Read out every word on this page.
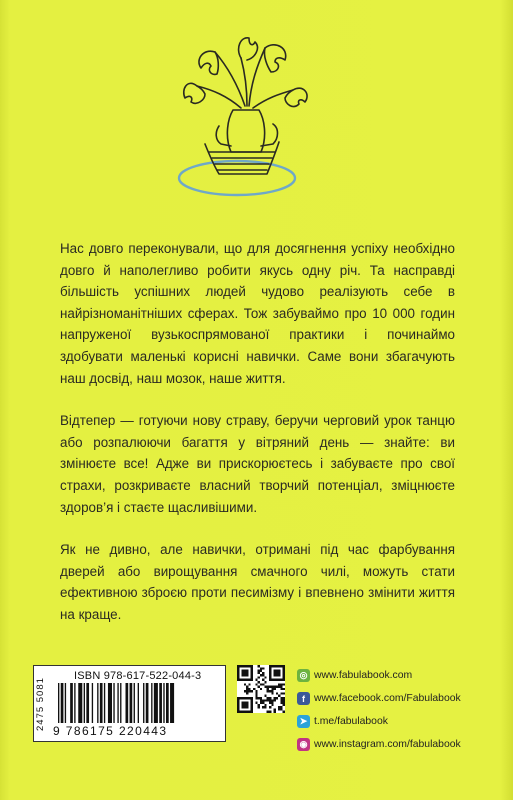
Нас довго переконували, що для досягнення успіху необхідно довго й наполегливо робити якусь одну річ. Та насправді більшість успішних людей чудово реалізують себе в найрізноманітніших сферах. Тож забуваймо про 10 000 годин напруженої вузькоспрямованої практики і починаймо здобувати маленькі корисні навички. Саме вони збагачують наш досвід, наш мозок, наше життя.

Відтепер — готуючи нову страву, беручи черговий урок танцю або розпалюючи багаття у вітряний день — знайте: ви змінюєте все! Адже ви прискорюєтесь і забуваєте про свої страхи, розкриваєте власний творчий потенціал, зміцнюєте здоров’я і стаєте щасливішими.

Як не дивно, але навички, отримані під час фарбування дверей або вирощування смачного чилі, можуть стати ефективною зброєю проти песимізму і впевнено змінити життя на краще.

2475 5081
ISBN 978-617-522-044-3
9 786175 220443
◎ www.fabulabook.com
f www.facebook.com/Fabulabook
➤ t.me/fabulabook
◉ www.instagram.com/fabulabook
